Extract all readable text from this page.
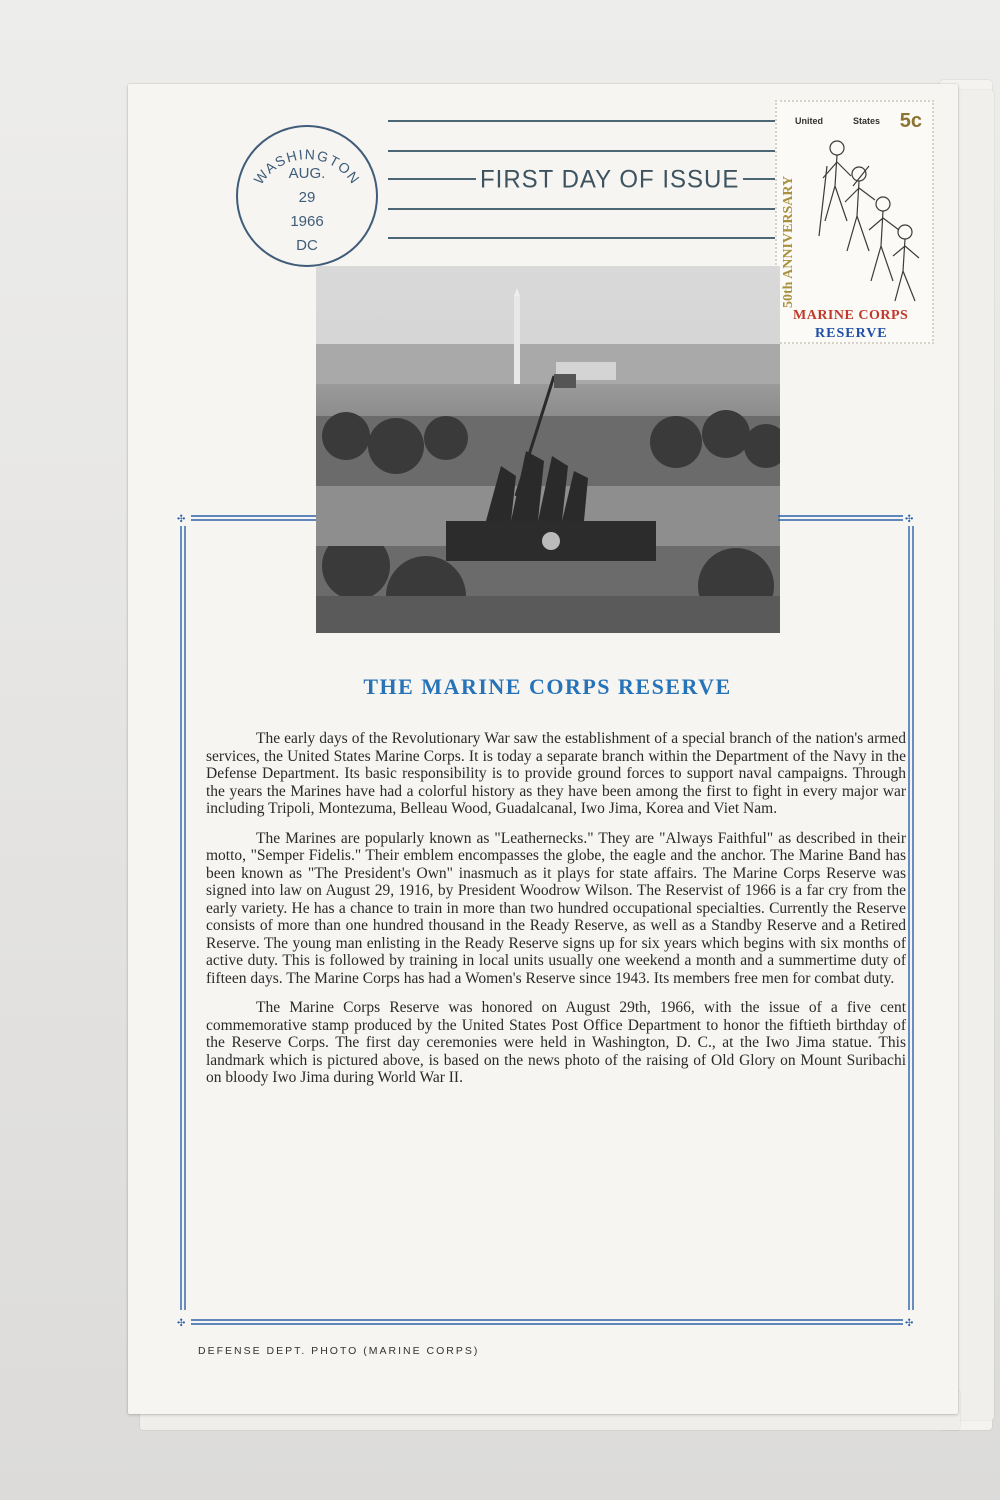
WASHINGTON
AUG.
29
1966
DC
FIRST DAY OF ISSUE
United	States 5c
50th ANNIVERSARY
MARINE CORPS
RESERVE
✣	✣
✣	✣
THE MARINE CORPS RESERVE

The early days of the Revolutionary War saw the establishment of a special branch of the nation's armed services, the United States Marine Corps. It is today a separate branch within the Department of the Navy in the Defense Department. Its basic responsibility is to provide ground forces to support naval campaigns. Through the years the Marines have had a colorful history as they have been among the first to fight in every major war including Tripoli, Montezuma, Belleau Wood, Guadalcanal, Iwo Jima, Korea and Viet Nam.

The Marines are popularly known as "Leathernecks." They are "Always Faithful" as described in their motto, "Semper Fidelis." Their emblem encompasses the globe, the eagle and the anchor. The Marine Band has been known as "The President's Own" inasmuch as it plays for state affairs. The Marine Corps Reserve was signed into law on August 29, 1916, by President Woodrow Wilson. The Reservist of 1966 is a far cry from the early variety. He has a chance to train in more than two hundred occupational specialties. Currently the Reserve consists of more than one hundred thousand in the Ready Reserve, as well as a Standby Reserve and a Retired Reserve. The young man enlisting in the Ready Reserve signs up for six years which begins with six months of active duty. This is followed by training in local units usually one weekend a month and a summertime duty of fifteen days. The Marine Corps has had a Women's Reserve since 1943. Its members free men for combat duty.

The Marine Corps Reserve was honored on August 29th, 1966, with the issue of a five cent commemorative stamp produced by the United States Post Office Department to honor the fiftieth birthday of the Reserve Corps. The first day ceremonies were held in Washington, D. C., at the Iwo Jima statue. This landmark which is pictured above, is based on the news photo of the raising of Old Glory on Mount Suribachi on bloody Iwo Jima during World War II.

DEFENSE DEPT. PHOTO (MARINE CORPS)
